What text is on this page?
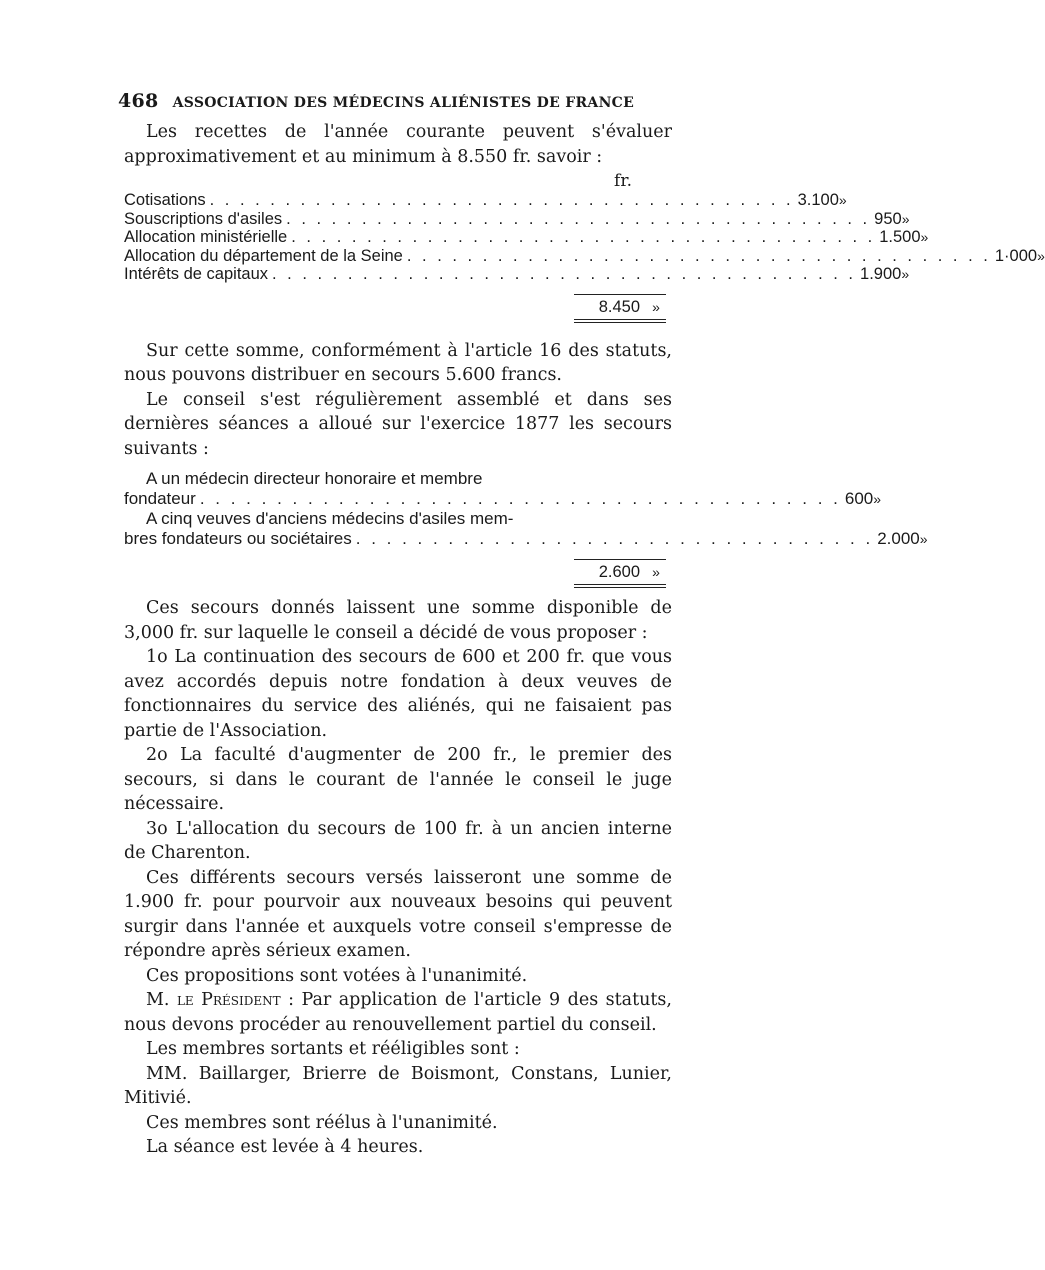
468 ASSOCIATION DES MÉDECINS ALIÉNISTES DE FRANCE

Les recettes de l'année courante peuvent s'évaluer approximativement et au minimum à 8.550 fr. savoir :

fr.
Cotisations . . . . . . . . . . . . . . . . . . . . . . . . . . . . . . . . . . . . . . . 3.100 »
Souscriptions d'asiles . . . . . . . . . . . . . . . . . . . . . . . . . . . . . . . . . . . . . . . 950 »
Allocation ministérielle . . . . . . . . . . . . . . . . . . . . . . . . . . . . . . . . . . . . . . . 1.500 »
Allocation du département de la Seine . . . . . . . . . . . . . . . . . . . . . . . . . . . . . . . . . . . . . . . 1·000 »
Intérêts de capitaux . . . . . . . . . . . . . . . . . . . . . . . . . . . . . . . . . . . . . . . 1.900 »
8.450 »

Sur cette somme, conformément à l'article 16 des statuts, nous pouvons distribuer en secours 5.600 francs.

Le conseil s'est régulièrement assemblé et dans ses dernières séances a alloué sur l'exercice 1877 les secours suivants :

A un médecin directeur honoraire et membre
fondateur . . . . . . . . . . . . . . . . . . . . . . . . . . . . . . . . . . . . . . . . . . 600 »
A cinq veuves d'anciens médecins d'asiles mem-
bres fondateurs ou sociétaires . . . . . . . . . . . . . . . . . . . . . . . . . . . . . . . . . . 2.000 »
2.600 »

Ces secours donnés laissent une somme disponible de 3,000 fr. sur laquelle le conseil a décidé de vous proposer :

1o La continuation des secours de 600 et 200 fr. que vous avez accordés depuis notre fondation à deux veuves de fonctionnaires du service des aliénés, qui ne faisaient pas partie de l'Association.

2o La faculté d'augmenter de 200 fr., le premier des secours, si dans le courant de l'année le conseil le juge nécessaire.

3o L'allocation du secours de 100 fr. à un ancien interne de Charenton.

Ces différents secours versés laisseront une somme de 1.900 fr. pour pourvoir aux nouveaux besoins qui peuvent surgir dans l'année et auxquels votre conseil s'empresse de répondre après sérieux examen.

Ces propositions sont votées à l'unanimité.

M. le Président : Par application de l'article 9 des statuts, nous devons procéder au renouvellement partiel du conseil.

Les membres sortants et rééligibles sont :

MM. Baillarger, Brierre de Boismont, Constans, Lunier, Mitivié.

Ces membres sont réélus à l'unanimité.

La séance est levée à 4 heures.
